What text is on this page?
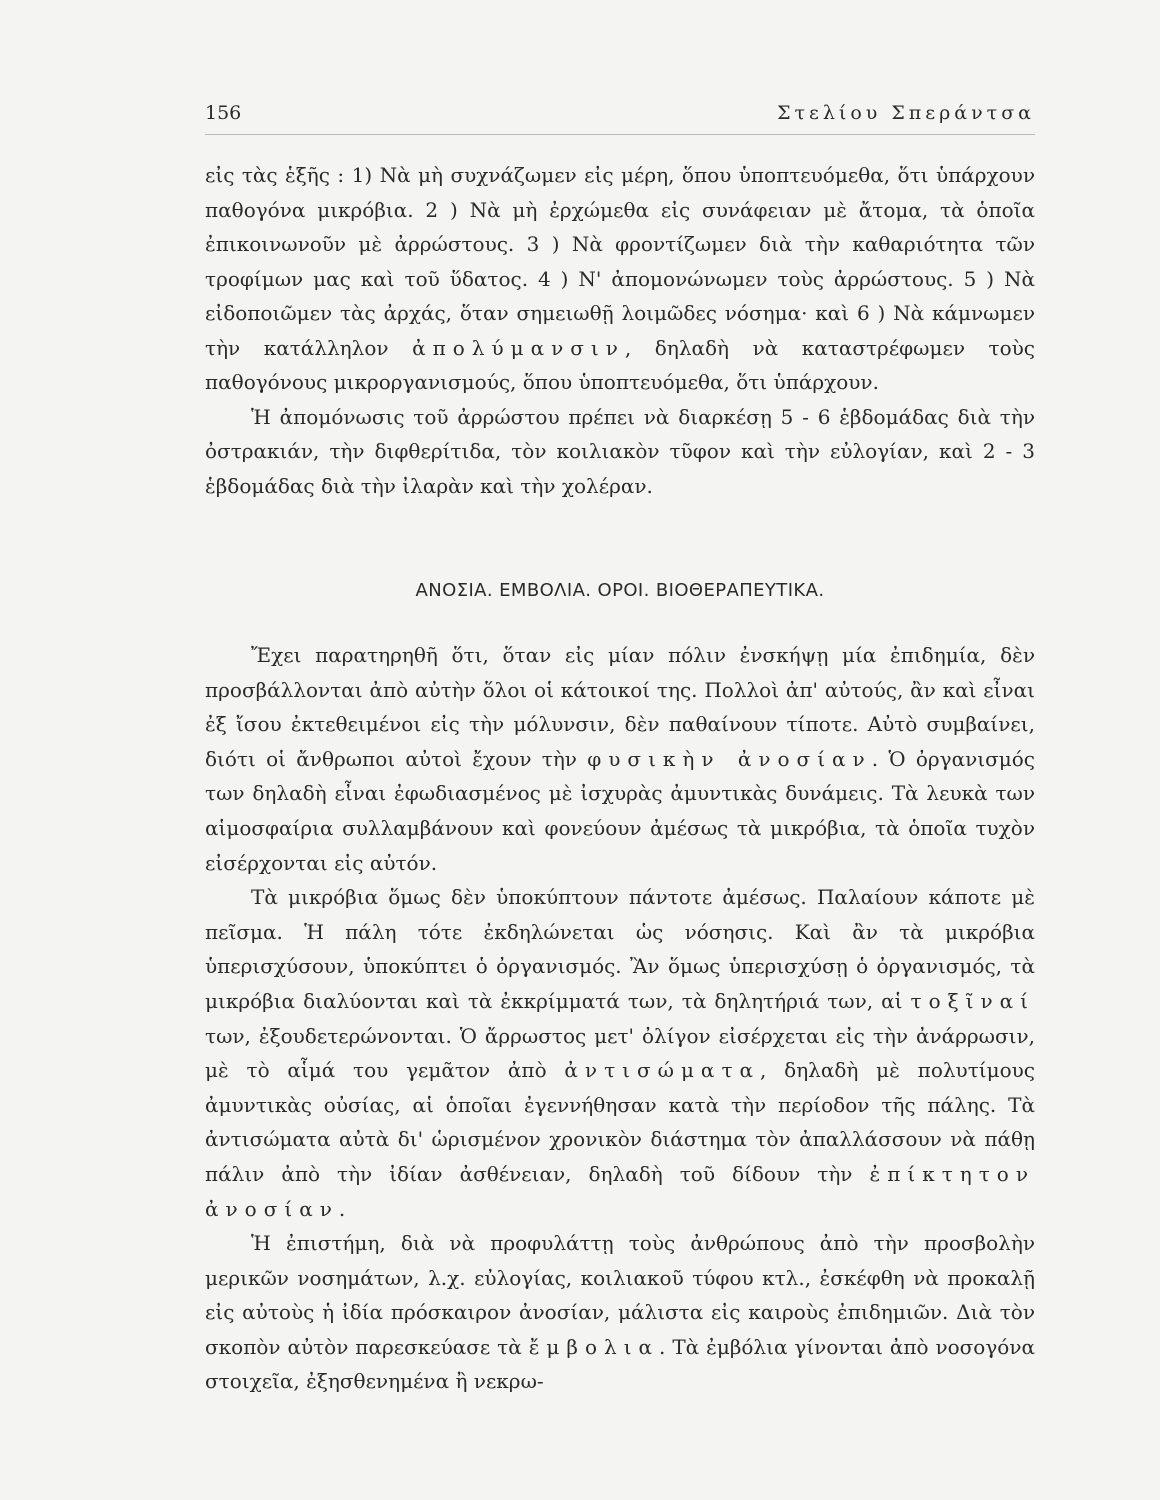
156	Στελίου Σπεράντσα

εἰς τὰς ἑξῆς : 1) Νὰ μὴ συχνάζωμεν εἰς μέρη, ὅπου ὑποπτευόμεθα, ὅτι ὑπάρχουν παθογόνα μικρόβια. 2 ) Νὰ μὴ ἐρχώμεθα εἰς συνάφειαν μὲ ἄτομα, τὰ ὁποῖα ἐπικοινωνοῦν μὲ ἀρρώστους. 3 ) Νὰ φροντίζωμεν διὰ τὴν καθαριότητα τῶν τροφίμων μας καὶ τοῦ ὕδατος. 4 ) Ν' ἀπομονώνωμεν τοὺς ἀρρώστους. 5 ) Νὰ εἰδοποιῶμεν τὰς ἀρχάς, ὅταν σημειωθῇ λοιμῶδες νόσημα· καὶ 6 ) Νὰ κάμνωμεν τὴν κατάλληλον ἀπολύμανσιν, δηλαδὴ νὰ καταστρέφωμεν τοὺς παθογόνους μικροργανισμούς, ὅπου ὑποπτευόμεθα, ὅτι ὑπάρχουν.

Ἡ ἀπομόνωσις τοῦ ἀρρώστου πρέπει νὰ διαρκέσῃ 5 - 6 ἑβδομάδας διὰ τὴν ὀστρακιάν, τὴν διφθερίτιδα, τὸν κοιλιακὸν τῦφον καὶ τὴν εὐλογίαν, καὶ 2 - 3 ἑβδομάδας διὰ τὴν ἰλαρὰν καὶ τὴν χολέραν.

ΑΝΟΣΙΑ. ΕΜΒΟΛΙΑ. ΟΡΟΙ. ΒΙΟΘΕΡΑΠΕΥΤΙΚΑ.

Ἔχει παρατηρηθῆ ὅτι, ὅταν εἰς μίαν πόλιν ἐνσκήψῃ μία ἐπιδημία, δὲν προσβάλλονται ἀπὸ αὐτὴν ὅλοι οἱ κάτοικοί της. Πολλοὶ ἀπ' αὐτούς, ἂν καὶ εἶναι ἐξ ἴσου ἐκτεθειμένοι εἰς τὴν μόλυνσιν, δὲν παθαίνουν τίποτε. Αὐτὸ συμβαίνει, διότι οἱ ἄνθρωποι αὐτοὶ ἔχουν τὴν φυσικὴν ἀνοσίαν. Ὁ ὀργανισμός των δηλαδὴ εἶναι ἐφωδιασμένος μὲ ἰσχυρὰς ἀμυντικὰς δυνάμεις. Τὰ λευκὰ των αἱμοσφαίρια συλλαμβάνουν καὶ φονεύουν ἀμέσως τὰ μικρόβια, τὰ ὁποῖα τυχὸν εἰσέρχονται εἰς αὐτόν.

Τὰ μικρόβια ὅμως δὲν ὑποκύπτουν πάντοτε ἀμέσως. Παλαίουν κάποτε μὲ πεῖσμα. Ἡ πάλη τότε ἐκδηλώνεται ὡς νόσησις. Καὶ ἂν τὰ μικρόβια ὑπερισχύσουν, ὑποκύπτει ὁ ὀργανισμός. Ἂν ὅμως ὑπερισχύσῃ ὁ ὀργανισμός, τὰ μικρόβια διαλύονται καὶ τὰ ἐκκρίμματά των, τὰ δηλητήριά των, αἱ τοξῖναί των, ἐξουδετερώνονται. Ὁ ἄρρωστος μετ' ὀλίγον εἰσέρχεται εἰς τὴν ἀνάρρωσιν, μὲ τὸ αἷμά του γεμᾶτον ἀπὸ ἀντισώματα, δηλαδὴ μὲ πολυτίμους ἀμυντικὰς οὐσίας, αἱ ὁποῖαι ἐγεννήθησαν κατὰ τὴν περίοδον τῆς πάλης. Τὰ ἀντισώματα αὐτὰ δι' ὡρισμένον χρονικὸν διάστημα τὸν ἀπαλλάσσουν νὰ πάθῃ πάλιν ἀπὸ τὴν ἰδίαν ἀσθένειαν, δηλαδὴ τοῦ δίδουν τὴν ἐπίκτητον ἀνοσίαν.

Ἡ ἐπιστήμη, διὰ νὰ προφυλάττῃ τοὺς ἀνθρώπους ἀπὸ τὴν προσβολὴν μερικῶν νοσημάτων, λ.χ. εὐλογίας, κοιλιακοῦ τύφου κτλ., ἐσκέφθη νὰ προκαλῇ εἰς αὐτοὺς ἡ ἰδία πρόσκαιρον ἀνοσίαν, μάλιστα εἰς καιροὺς ἐπιδημιῶν. Διὰ τὸν σκοπὸν αὐτὸν παρεσκεύασε τὰ ἔμβολια. Τὰ ἐμβόλια γίνονται ἀπὸ νοσογόνα στοιχεῖα, ἐξησθενημένα ἢ νεκρω-
